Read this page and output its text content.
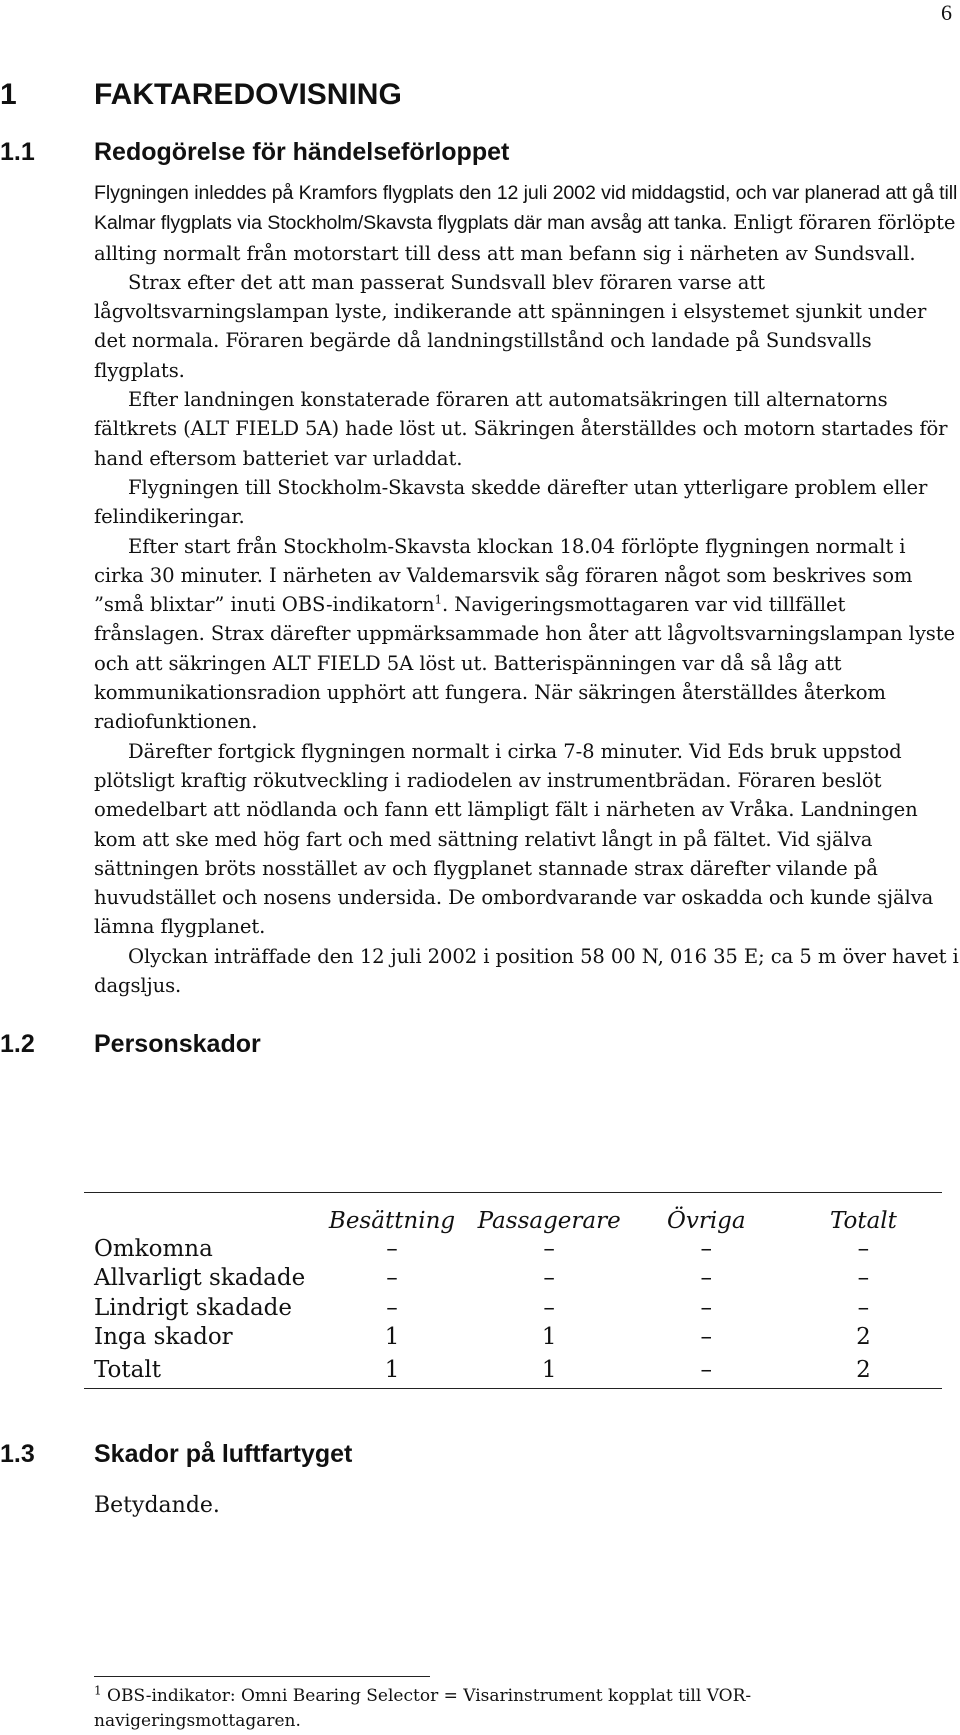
6
1	FAKTAREDOVISNING
1.1 Redogörelse för händelseförloppet

Flygningen inleddes på Kramfors flygplats den 12 juli 2002 vid middagstid, och var planerad att gå till Kalmar flygplats via Stockholm/Skavsta flygplats där man avsåg att tanka. Enligt föraren förlöpte allting normalt från motorstart till dess att man befann sig i närheten av Sundsvall.

Strax efter det att man passerat Sundsvall blev föraren varse att lågvoltsvarningslampan lyste, indikerande att spänningen i elsystemet sjunkit under det normala. Föraren begärde då landningstillstånd och landade på Sundsvalls flygplats.

Efter landningen konstaterade föraren att automatsäkringen till alternatorns fältkrets (ALT FIELD 5A) hade löst ut. Säkringen återställdes och motorn startades för hand eftersom batteriet var urladdat.

Flygningen till Stockholm-Skavsta skedde därefter utan ytterligare problem eller felindikeringar.

Efter start från Stockholm-Skavsta klockan 18.04 förlöpte flygningen normalt i cirka 30 minuter. I närheten av Valdemarsvik såg föraren något som beskrives som ”små blixtar” inuti OBS-indikatorn$^1$. Navigeringsmottagaren var vid tillfället frånslagen. Strax därefter uppmärksammade hon åter att lågvoltsvarningslampan lyste och att säkringen ALT FIELD 5A löst ut. Batterispänningen var då så låg att kommunikationsradion upphört att fungera. När säkringen återställdes återkom radiofunktionen.

Därefter fortgick flygningen normalt i cirka 7-8 minuter. Vid Eds bruk uppstod plötsligt kraftig rökutveckling i radiodelen av instrumentbrädan. Föraren beslöt omedelbart att nödlanda och fann ett lämpligt fält i närheten av Vråka. Landningen kom att ske med hög fart och med sättning relativt långt in på fältet. Vid själva sättningen bröts nosstället av och flygplanet stannade strax därefter vilande på huvudstället och nosens undersida. De ombordvarande var oskadda och kunde själva lämna flygplanet.

Olyckan inträffade den 12 juli 2002 i position 58 00 N, 016 35 E; ca 5 m över havet i dagsljus.

1.2 Personskador
	Besättning	Passagerare	Övriga	Totalt
Omkomna	–	–	–	–
Allvarligt skadade	–	–	–	–
Lindrigt skadade	–	–	–	–
Inga skador	1	1	–	2
Totalt	1	1	–	2
1.3 Skador på luftfartyget
Betydande.
$^1$ OBS-indikator: Omni Bearing Selector = Visarinstrument kopplat till VOR-navigeringsmottagaren.
